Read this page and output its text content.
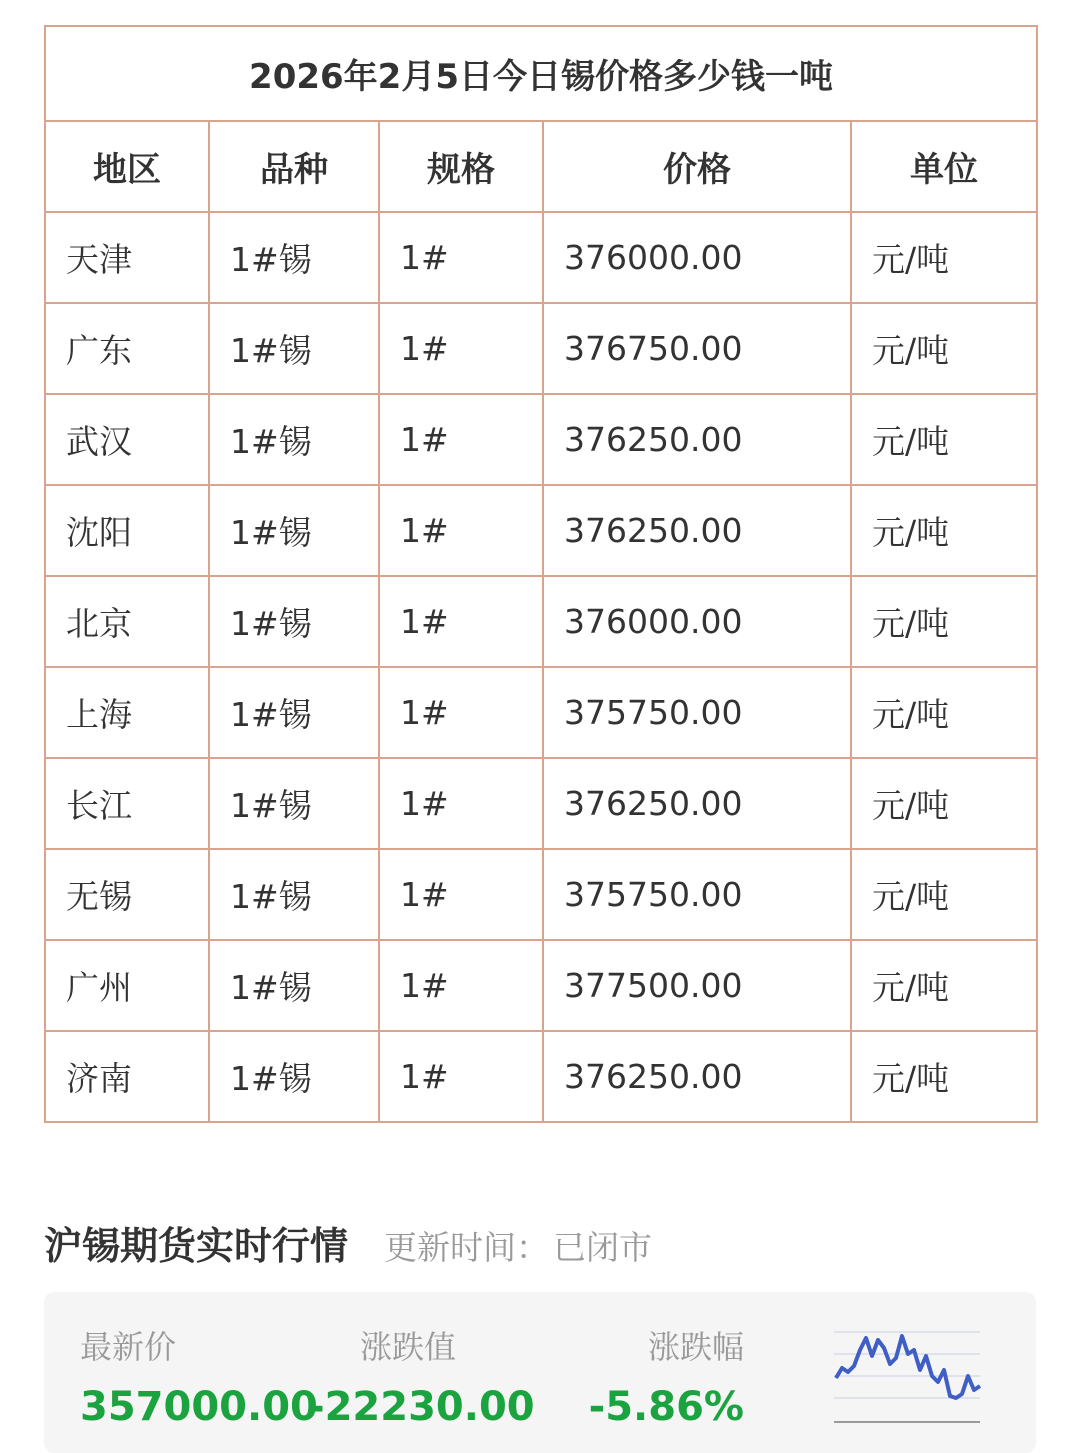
2026年2月5日今日锡价格多少钱一吨				
地区	品种	规格	价格	单位
天津	1#锡	1#	376000.00	元/吨
广东	1#锡	1#	376750.00	元/吨
武汉	1#锡	1#	376250.00	元/吨
沈阳	1#锡	1#	376250.00	元/吨
北京	1#锡	1#	376000.00	元/吨
上海	1#锡	1#	375750.00	元/吨
长江	1#锡	1#	376250.00	元/吨
无锡	1#锡	1#	375750.00	元/吨
广州	1#锡	1#	377500.00	元/吨
济南	1#锡	1#	376250.00	元/吨
沪锡期货实时行情 更新时间： 已闭市
最新价
357000.00
涨跌值
-22230.00
涨跌幅
-5.86%
